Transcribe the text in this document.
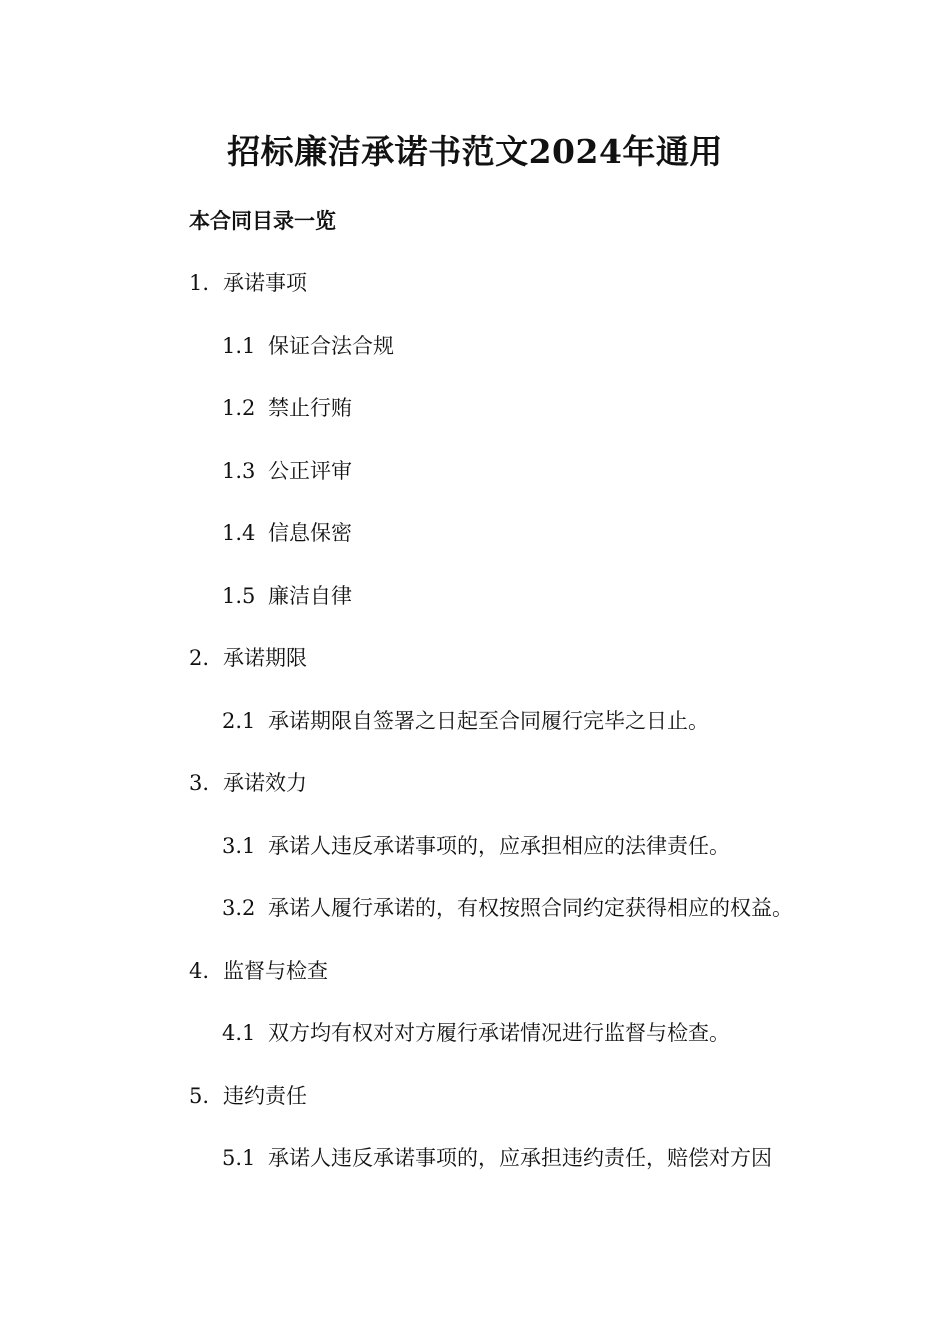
招标廉洁承诺书范文2024年通用
本合同目录一览
1. 承诺事项
1.1 保证合法合规
1.2 禁止行贿
1.3 公正评审
1.4 信息保密
1.5 廉洁自律
2. 承诺期限
2.1 承诺期限自签署之日起至合同履行完毕之日止。
3. 承诺效力
3.1 承诺人违反承诺事项的，应承担相应的法律责任。
3.2 承诺人履行承诺的，有权按照合同约定获得相应的权益。
4. 监督与检查
4.1 双方均有权对对方履行承诺情况进行监督与检查。
5. 违约责任
5.1 承诺人违反承诺事项的，应承担违约责任，赔偿对方因
